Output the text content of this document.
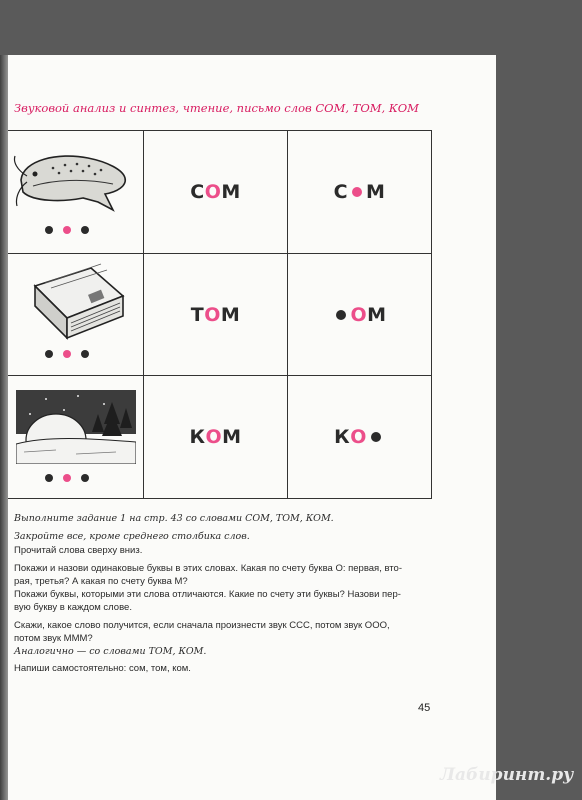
Звуковой анализ и синтез, чтение, письмо слов СОМ, ТОМ, КОМ
С О М	С М
Т О М	О М
К О М	К О
Выполните задание 1 на стр. 43 со словами СОМ, ТОМ, КОМ.
Закройте все, кроме среднего столбика слов.
Прочитай слова сверху вниз.
Покажи и назови одинаковые буквы в этих словах. Какая по счету буква О: первая, вто-
рая, третья? А какая по счету буква М?
Покажи буквы, которыми эти слова отличаются. Какие по счету эти буквы? Назови пер-
вую букву в каждом слове.
Скажи, какое слово получится, если сначала произнести звук ССС, потом звук ООО,
потом звук МММ?
Аналогично — со словами ТОМ, КОМ.
Напиши самостоятельно: сом, том, ком.
45
Лабиринт.ру
